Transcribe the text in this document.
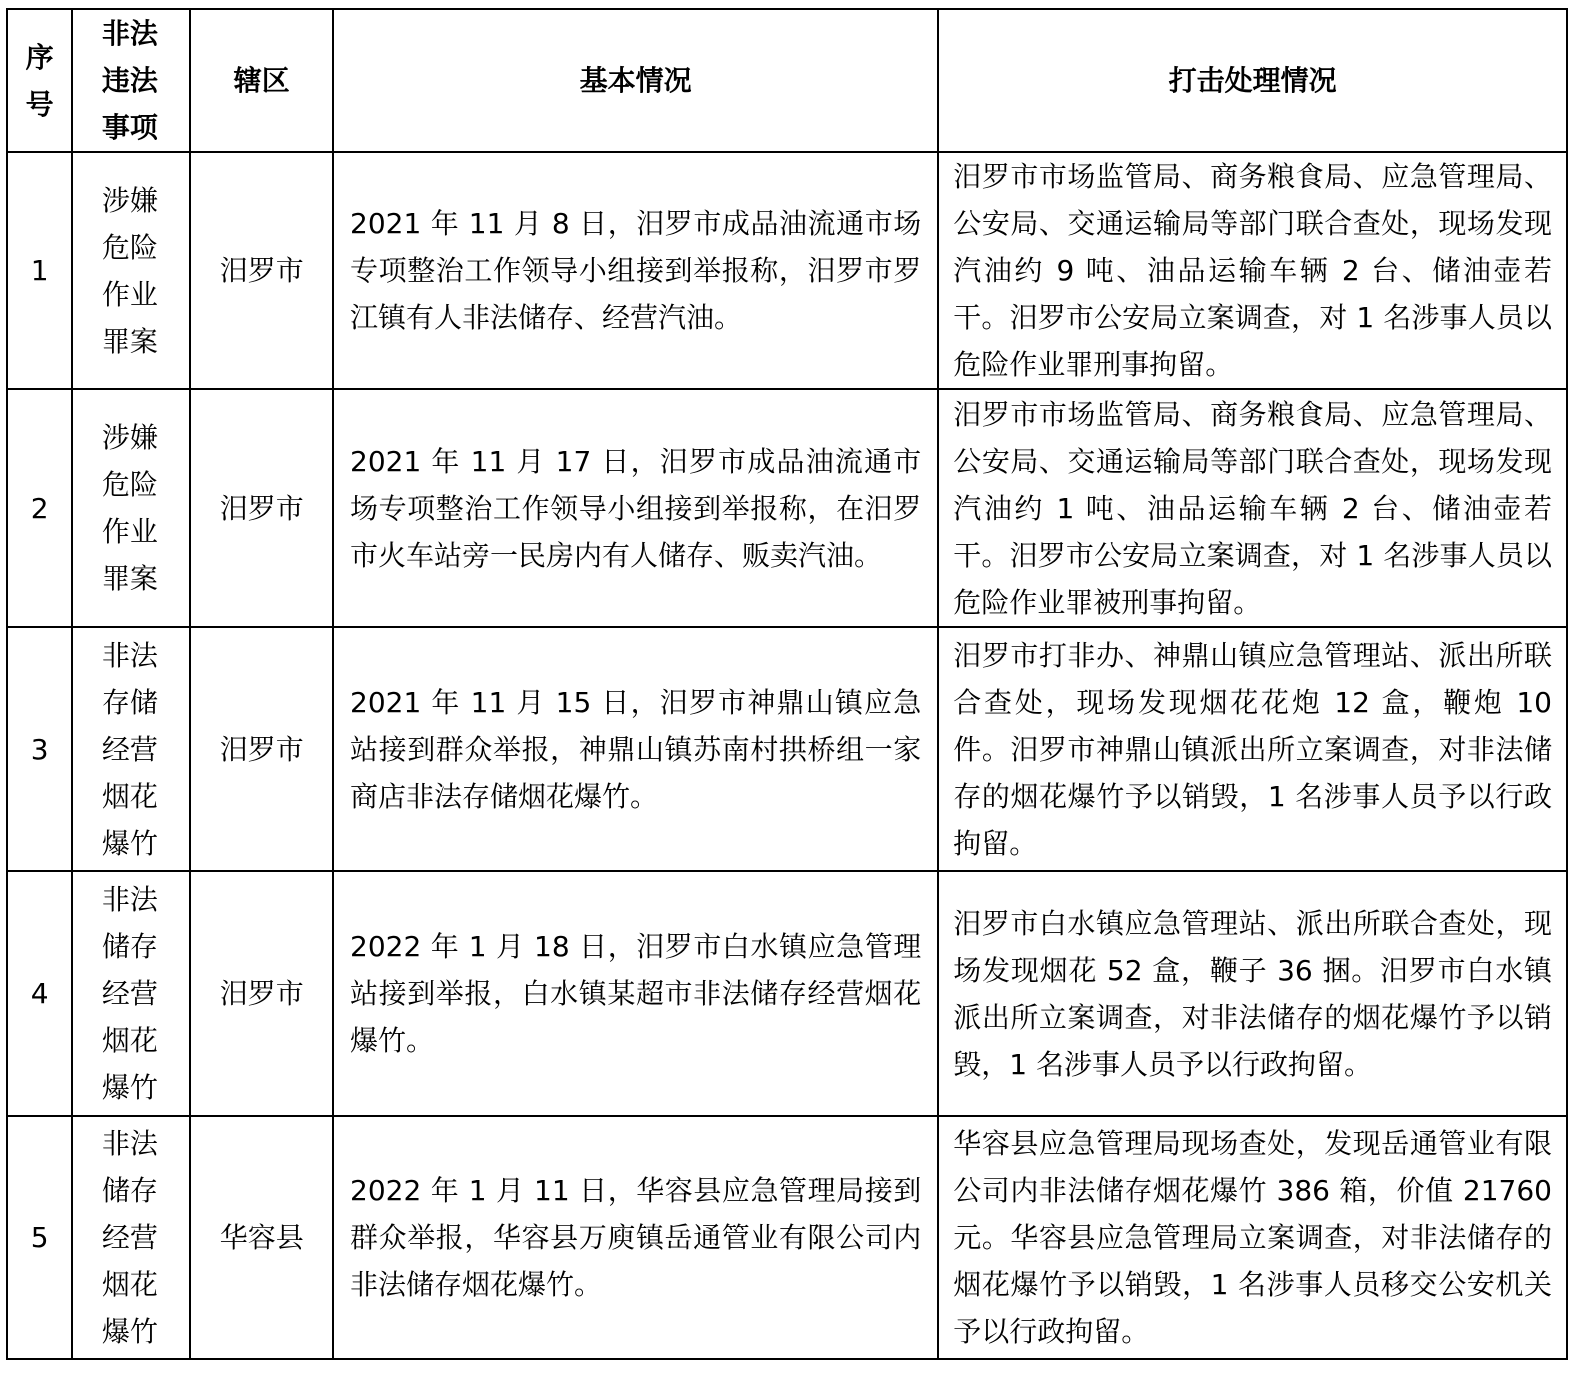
序号	非法违法事项	辖区	基本情况	打击处理情况
1	涉嫌危险作业罪案	汨罗市	2021 年 11 月 8 日，汨罗市成品油流通市场专项整治工作领导小组接到举报称，汨罗市罗江镇有人非法储存、经营汽油。	汨罗市市场监管局、商务粮食局、应急管理局、公安局、交通运输局等部门联合查处，现场发现汽油约 9 吨、油品运输车辆 2 台、储油壶若干。汨罗市公安局立案调查，对 1 名涉事人员以危险作业罪刑事拘留。

2	涉嫌危险作业罪案	汨罗市	2021 年 11 月 17 日，汨罗市成品油流通市场专项整治工作领导小组接到举报称，在汨罗市火车站旁一民房内有人储存、贩卖汽油。	汨罗市市场监管局、商务粮食局、应急管理局、公安局、交通运输局等部门联合查处，现场发现汽油约 1 吨、油品运输车辆 2 台、储油壶若干。汨罗市公安局立案调查，对 1 名涉事人员以危险作业罪被刑事拘留。

3	非法存储经营烟花爆竹	汨罗市	2021 年 11 月 15 日，汨罗市神鼎山镇应急站接到群众举报，神鼎山镇苏南村拱桥组一家商店非法存储烟花爆竹。	汨罗市打非办、神鼎山镇应急管理站、派出所联合查处，现场发现烟花花炮 12 盒，鞭炮 10 件。汨罗市神鼎山镇派出所立案调查，对非法储存的烟花爆竹予以销毁，1 名涉事人员予以行政拘留。

4	非法储存经营烟花爆竹	汨罗市	2022 年 1 月 18 日，汨罗市白水镇应急管理站接到举报，白水镇某超市非法储存经营烟花爆竹。	汨罗市白水镇应急管理站、派出所联合查处，现场发现烟花 52 盒，鞭子 36 捆。汨罗市白水镇派出所立案调查，对非法储存的烟花爆竹予以销毁，1 名涉事人员予以行政拘留。

5	非法储存经营烟花爆竹	华容县	2022 年 1 月 11 日，华容县应急管理局接到群众举报，华容县万庾镇岳通管业有限公司内非法储存烟花爆竹。	华容县应急管理局现场查处，发现岳通管业有限公司内非法储存烟花爆竹 386 箱，价值 21760 元。华容县应急管理局立案调查，对非法储存的烟花爆竹予以销毁，1 名涉事人员移交公安机关予以行政拘留。
